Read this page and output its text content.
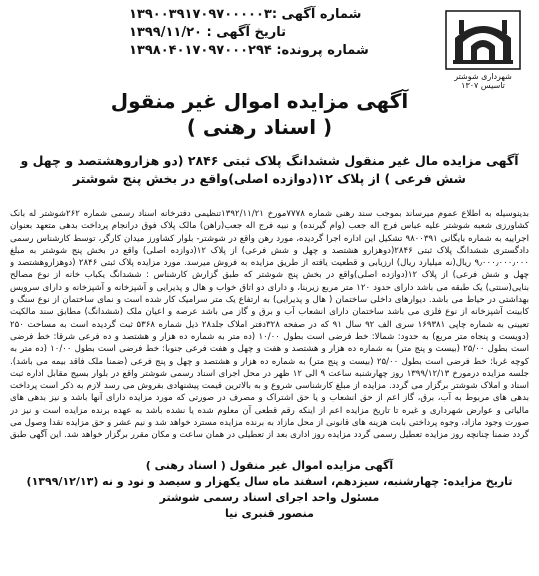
شماره آگهی :۱۳۹۰۰۳۹۱۷۰۹۷۰۰۰۰۰۳
تاریخ آگهی : ۱۳۹۹/۱۱/۲۰
شماره پرونده: ۱۳۹۸۰۴۰۱۷۰۹۷۰۰۰۲۹۴
شهرداری شوشتر
تاسیس ۱۳۰۷
آگهی مزایده اموال غیر منقول
( اسناد رهنی )
آگهی مزایده مال غیر منقول ششدانگ پلاک ثبتی ۲۸۴۶ (دو هزاروهشتصد و چهل و شش فرعی ) از پلاک ۱۲(دوازده اصلی)واقع در بخش پنج شوشتر
بدینوسیله به اطلاع عموم میرساند بموجب سند رهنی شماره ۷۷۷۸مورخ ۱۳۹۲/۱۱/۲۱تنظیمی دفترخانه اسناد رسمی شماره ۲۶۲شوشتر له بانک کشاورزی شعبه شوشتر علیه عباس فرج اله جعب (وام گیرنده) و نبیه فرج اله جعب(راهن) مالک پلاک فوق درانجام پرداخت بدهی متعهد بعنوان اجراییه به شماره بایگانی ۹۸۰۰۳۹۱ تشکیل این اداره اجرا گردیده، مورد رهن واقع در شوشتر- بلوار کشاورز میدان کارگر، توسط کارشناس رسمی دادگستری ششدانگ پلاک ثبتی ۲۸۴۶(دوهزارو هشتصد و چهل و شش فرعی) از پلاک ۱۲(دوازده اصلی) واقع در بخش پنج شوشتر به مبلغ ۹٫۰۰۰٫۰۰۰٫۰۰۰ ریال(نه میلیارد ریال) ارزیابی و قطعیت یافته از طریق مزایده به فروش میرسد. مورد مزایده پلاک ثبتی ۲۸۴۶ (دوهزاروهشتصد و چهل و شش فرعی) از پلاک ۱۲(دوازده اصلی)واقع در بخش پنج شوشتر که طبق گزارش کارشناس : ششدانگ یکباب خانه از نوع مصالح بنایی(سنتی) یک طبقه می باشد دارای حدود ۱۲۰ متر مربع زیربنا، و دارای دو اتاق خواب و هال و پذیرایی و آشپزخانه و آشپزخانه و دارای سرویس بهداشتی در حیاط می باشد. دیوارهای داخلی ساختمان ( هال و پذیرایی) به ارتفاع یک متر سرامیک کار شده است و نمای ساختمان از نوع سنگ و کابینت آشپزخانه از نوع فلزی می باشد ساختمان دارای انشعاب آب و برق و گاز می باشد عرصه و اعیان ملک (ششدانگ) مطابق سند مالکیت تعیینی به شماره چاپی ۱۶۹۳۸۱ سری الف ۹۲ سال ۹۱ که در صفحه ۳۲۸دفتر املاک جلد۲۸ ذیل شماره ۵۳۶۸ ثبت گردیده است به مساحت ۲۵۰ (دویست و پنجاه متر مربع) به حدود: شمالا: خط فرضی است بطول ۱۰/۰۰ (ده متر به شماره ده هزار و هشتصد و ده فرعی شرقا: خط فرضی است بطول ۲۵/۰۰ (بیست و پنج متر) به شماره ده هزار و هشتصد و هفت و چهل و هفت فرعی جنوبا: خط فرضی است بطول ۱۰/۰۰ (ده متر به کوچه غربا: خط فرضی است بطول ۲۵/۰۰ (بیست و پنج متر) به شماره ده هزار و هشتصد و چهل و پنج فرعی (ضمنا ملک فاقد بیمه می باشد). جلسه مزایده درمورخ ۱۳۹۹/۱۲/۱۳ روز چهارشنبه ساعت ۹ الی ۱۲ ظهر در محل اجرای اسناد رسمی شوشتر واقع در بلوار بسیج مقابل اداره ثبت اسناد و املاک شوشتر برگزار می گردد. مزایده از مبلغ کارشناسی شروع و به بالاترین قیمت پیشنهادی بفروش می رسد لازم به ذکر است پرداخت بدهی های مربوط به آب، برق، گاز اعم از حق انشعاب و یا حق اشتراک و مصرف در صورتی که مورد مزایده دارای آنها باشد و نیز بدهی های مالیاتی و عوارض شهرداری و غیره تا تاریخ مزایده اعم از اینکه رقم قطعی آن معلوم شده یا نشده باشد به عهده برنده مزایده است و نیز در صورت وجود مازاد، وجوه پرداختی بابت هزینه های قانونی از محل مازاد به برنده مزایده مسترد خواهد شد و نیم عشر و حق مزایده نقدا وصول می گردد ضمنا چنانچه روز مزایده تعطیل رسمی گردد مزایده روز اداری بعد از تعطیلی در همان ساعت و مکان مقرر برگزار خواهد شد. این آگهی طبق
آگهی مزایده اموال غیر منقول ( اسناد رهنی )
تاریخ مزایده: چهارشنبه، سیزدهم، اسفند ماه سال یکهزار و سیصد و نود و نه (۱۳۹۹/۱۲/۱۳)
مسئول واحد اجرای اسناد رسمی شوشتر
منصور قنبری نیا
